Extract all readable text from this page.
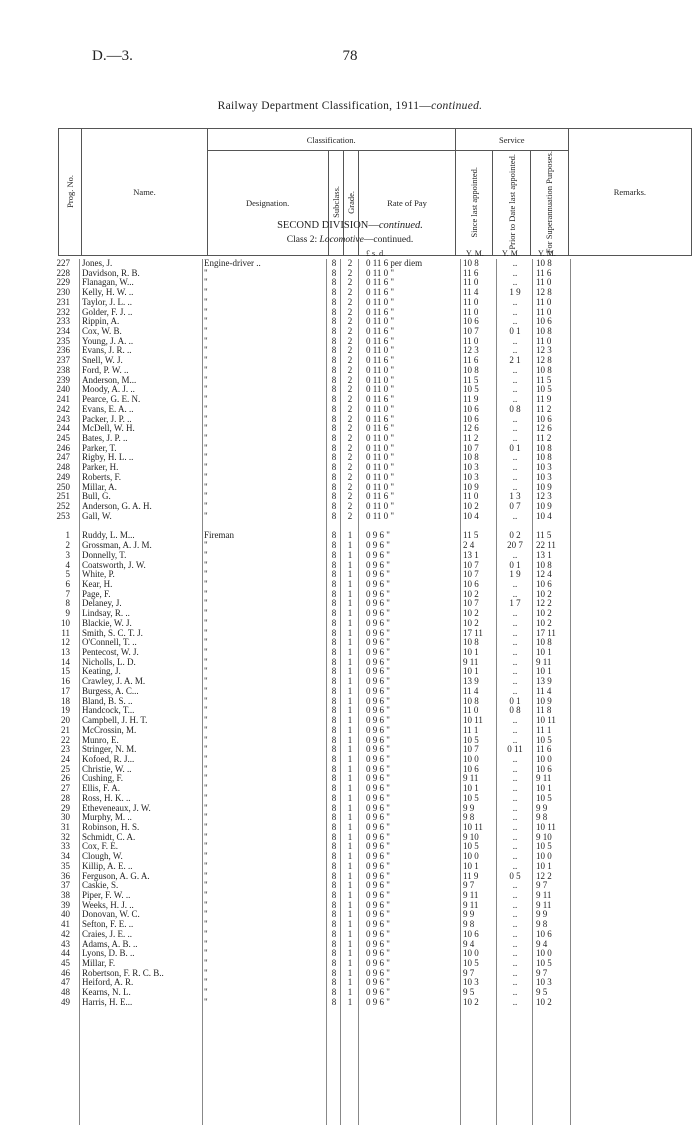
D.—3.	78
Railway Department Classification, 1911—continued.
Prog. No.	Name.	Classification.				Service			Remarks.
		Designation.	Subclass.	Grade.	Rate of Pay	Since last appointed.	Prior to Date last appointed.	For Superannuation Purposes.	
SECOND DIVISION—continued.
Class 2: Locomotive—continued.
£ s. d.	Y. M. Y. M. Y. M.
227 Jones, J.	Engine-driver ..	8 2 0 11 6 per diem	10 8	..	10 8
228 Davidson, R. B.	"	8 2 0 11 0 "	11 6	..	11 6
229 Flanagan, W...	"	8 2 0 11 6 "	11 0	..	11 0
230 Kelly, H. W. ..	"	8 2 0 11 6 "	11 4	1 9	12 8
231 Taylor, J. L. ..	"	8 2 0 11 0 "	11 0	..	11 0
232 Golder, F. J. ..	"	8 2 0 11 6 "	11 0	..	11 0
233 Rippin, A.	"	8 2 0 11 0 "	10 6	..	10 6
234 Cox, W. B.	"	8 2 0 11 6 "	10 7	0 1	10 8
235 Young, J. A. ..	"	8 2 0 11 6 "	11 0	..	11 0
236 Evans, J. R. ..	"	8 2 0 11 0 "	12 3	..	12 3
237 Snell, W. J.	"	8 2 0 11 6 "	11 6	2 1	12 8
238 Ford, P. W. ..	"	8 2 0 11 0 "	10 8	..	10 8
239 Anderson, M...	"	8 2 0 11 0 "	11 5	..	11 5
240 Moody, A. J. ..	"	8 2 0 11 0 "	10 5	..	10 5
241 Pearce, G. E. N.	"	8 2 0 11 6 "	11 9	..	11 9
242 Evans, E. A. ..	"	8 2 0 11 0 "	10 6	0 8	11 2
243 Packer, J. P. ..	"	8 2 0 11 6 "	10 6	..	10 6
244 McDell, W. H.	"	8 2 0 11 6 "	12 6	..	12 6
245 Bates, J. P. ..	"	8 2 0 11 0 "	11 2	..	11 2
246 Parker, T.	"	8 2 0 11 0 "	10 7	0 1	10 8
247 Rigby, H. L. ..	"	8 2 0 11 0 "	10 8	..	10 8
248 Parker, H.	"	8 2 0 11 0 "	10 3	..	10 3
249 Roberts, F.	"	8 2 0 11 0 "	10 3	..	10 3
250 Millar, A.	"	8 2 0 11 0 "	10 9	..	10 9
251 Bull, G.	"	8 2 0 11 6 "	11 0	1 3	12 3
252 Anderson, G. A. H.	"	8 2 0 11 0 "	10 2	0 7	10 9
253 Gall, W.	"	8 2 0 11 0 "	10 4	..	10 4
1 Ruddy, L. M...	Fireman	8 1 0 9 6 "	11 5	0 2	11 5
2 Grossman, A. J. M.	"	8 1 0 9 6 "	2 4	20 7	22 11
3 Donnelly, T.	"	8 1 0 9 6 "	13 1	..	13 1
4 Coatsworth, J. W.	"	8 1 0 9 6 "	10 7	0 1	10 8
5 White, P.	"	8 1 0 9 6 "	10 7	1 9	12 4
6 Kear, H.	"	8 1 0 9 6 "	10 6	..	10 6
7 Page, F.	"	8 1 0 9 6 "	10 2	..	10 2
8 Delaney, J.	"	8 1 0 9 6 "	10 7	1 7	12 2
9 Lindsay, R. ..	"	8 1 0 9 6 "	10 2	..	10 2
10 Blackie, W. J.	"	8 1 0 9 6 "	10 2	..	10 2
11 Smith, S. C. T. J.	"	8 1 0 9 6 "	17 11	..	17 11
12 O'Connell, T. ..	"	8 1 0 9 6 "	10 8	..	10 8
13 Pentecost, W. J.	"	8 1 0 9 6 "	10 1	..	10 1
14 Nicholls, L. D.	"	8 1 0 9 6 "	9 11	..	9 11
15 Keating, J.	"	8 1 0 9 6 "	10 1	..	10 1
16 Crawley, J. A. M.	"	8 1 0 9 6 "	13 9	..	13 9
17 Burgess, A. C...	"	8 1 0 9 6 "	11 4	..	11 4
18 Bland, B. S. ..	"	8 1 0 9 6 "	10 8	0 1	10 9
19 Handcock, T...	"	8 1 0 9 6 "	11 0	0 8	11 8
20 Campbell, J. H. T.	"	8 1 0 9 6 "	10 11	..	10 11
21 McCrossin, M.	"	8 1 0 9 6 "	11 1	..	11 1
22 Munro, E.	"	8 1 0 9 6 "	10 5	..	10 5
23 Stringer, N. M.	"	8 1 0 9 6 "	10 7	0 11	11 6
24 Kofoed, R. J...	"	8 1 0 9 6 "	10 0	..	10 0
25 Christie, W. ..	"	8 1 0 9 6 "	10 6	..	10 6
26 Cushing, F.	"	8 1 0 9 6 "	9 11	..	9 11
27 Ellis, F. A.	"	8 1 0 9 6 "	10 1	..	10 1
28 Ross, H. K. ..	"	8 1 0 9 6 "	10 5	..	10 5
29 Etheveneaux, J. W.	"	8 1 0 9 6 "	9 9	..	9 9
30 Murphy, M. ..	"	8 1 0 9 6 "	9 8	..	9 8
31 Robinson, H. S.	"	8 1 0 9 6 "	10 11	..	10 11
32 Schmidt, C. A.	"	8 1 0 9 6 "	9 10	..	9 10
33 Cox, F. E.	"	8 1 0 9 6 "	10 5	..	10 5
34 Clough, W.	"	8 1 0 9 6 "	10 0	..	10 0
35 Killip, A. E. ..	"	8 1 0 9 6 "	10 1	..	10 1
36 Ferguson, A. G. A.	"	8 1 0 9 6 "	11 9	0 5	12 2
37 Caskie, S.	"	8 1 0 9 6 "	9 7	..	9 7
38 Piper, F. W. ..	"	8 1 0 9 6 "	9 11	..	9 11
39 Weeks, H. J. ..	"	8 1 0 9 6 "	9 11	..	9 11
40 Donovan, W. C.	"	8 1 0 9 6 "	9 9	..	9 9
41 Sefton, F. E. ..	"	8 1 0 9 6 "	9 8	..	9 8
42 Craies, J. E. ..	"	8 1 0 9 6 "	10 6	..	10 6
43 Adams, A. B. ..	"	8 1 0 9 6 "	9 4	..	9 4
44 Lyons, D. B. ..	"	8 1 0 9 6 "	10 0	..	10 0
45 Millar, F.	"	8 1 0 9 6 "	10 5	..	10 5
46 Robertson, F. R. C. B..	"	8 1 0 9 6 "	9 7	..	9 7
47 Heiford, A. R.	"	8 1 0 9 6 "	10 3	..	10 3
48 Kearns, N. L.	"	8 1 0 9 6 "	9 5	..	9 5
49 Harris, H. E...	"	8 1 0 9 6 "	10 2	..	10 2
